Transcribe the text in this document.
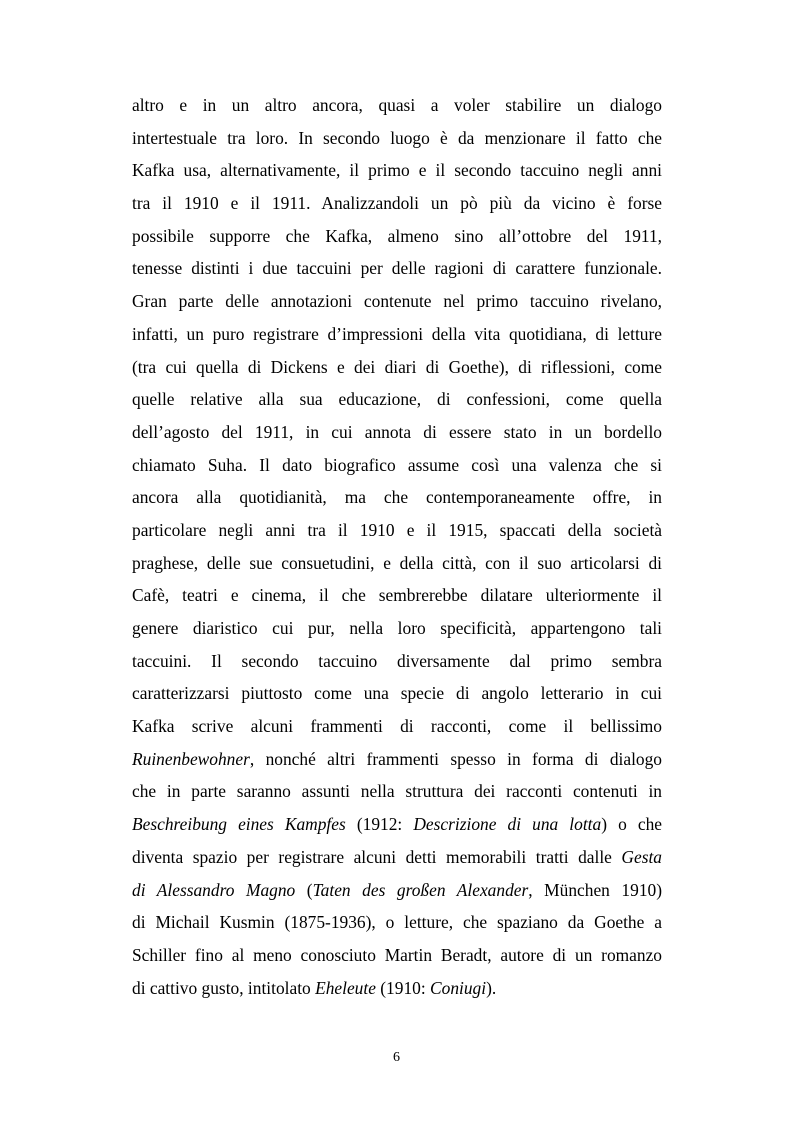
altro e in un altro ancora, quasi a voler stabilire un dialogo
intertestuale tra loro. In secondo luogo è da menzionare il fatto che
Kafka usa, alternativamente, il primo e il secondo taccuino negli anni
tra il 1910 e il 1911. Analizzandoli un pò più da vicino è forse
possibile supporre che Kafka, almeno sino all’ottobre del 1911,
tenesse distinti i due taccuini per delle ragioni di carattere funzionale.
Gran parte delle annotazioni contenute nel primo taccuino rivelano,
infatti, un puro registrare d’impressioni della vita quotidiana, di letture
(tra cui quella di Dickens e dei diari di Goethe), di riflessioni, come
quelle relative alla sua educazione, di confessioni, come quella
dell’agosto del 1911, in cui annota di essere stato in un bordello
chiamato Suha. Il dato biografico assume così una valenza che si
ancora alla quotidianità, ma che contemporaneamente offre, in
particolare negli anni tra il 1910 e il 1915, spaccati della società
praghese, delle sue consuetudini, e della città, con il suo articolarsi di
Cafè, teatri e cinema, il che sembrerebbe dilatare ulteriormente il
genere diaristico cui pur, nella loro specificità, appartengono tali
taccuini. Il secondo taccuino diversamente dal primo sembra
caratterizzarsi piuttosto come una specie di angolo letterario in cui
Kafka scrive alcuni frammenti di racconti, come il bellissimo
Ruinenbewohner, nonché altri frammenti spesso in forma di dialogo
che in parte saranno assunti nella struttura dei racconti contenuti in
Beschreibung eines Kampfes (1912: Descrizione di una lotta) o che
diventa spazio per registrare alcuni detti memorabili tratti dalle Gesta
di Alessandro Magno (Taten des großen Alexander, München 1910)
di Michail Kusmin (1875-1936), o letture, che spaziano da Goethe a
Schiller fino al meno conosciuto Martin Beradt, autore di un romanzo
di cattivo gusto, intitolato Eheleute (1910: Coniugi).
6
